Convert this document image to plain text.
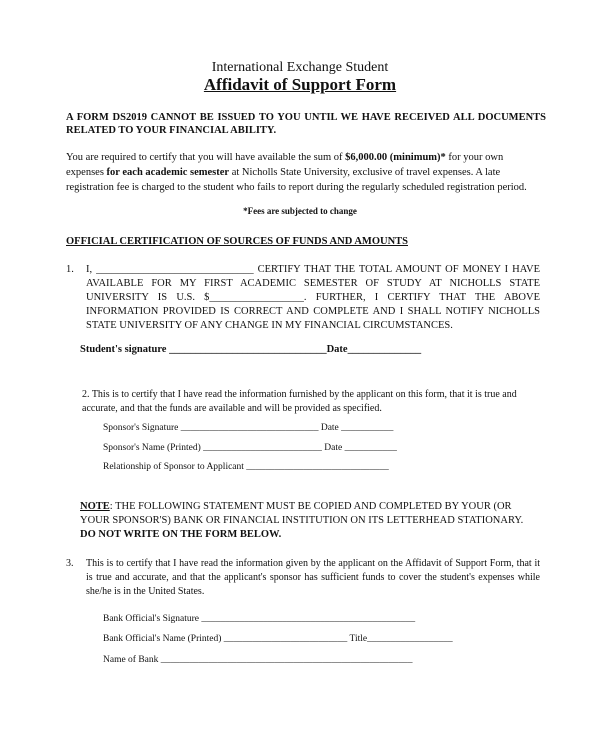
International Exchange Student
Affidavit of Support Form
A FORM DS2019 CANNOT BE ISSUED TO YOU UNTIL WE HAVE RECEIVED ALL DOCUMENTS RELATED TO YOUR FINANCIAL ABILITY.
You are required to certify that you will have available the sum of $6,000.00 (minimum)* for your own expenses for each academic semester at Nicholls State University, exclusive of travel expenses. A late registration fee is charged to the student who fails to report during the regularly scheduled registration period.
*Fees are subjected to change
OFFICIAL CERTIFICATION OF SOURCES OF FUNDS AND AMOUNTS
1. I, ______________________________ CERTIFY THAT THE TOTAL AMOUNT OF MONEY I HAVE AVAILABLE FOR MY FIRST ACADEMIC SEMESTER OF STUDY AT NICHOLLS STATE UNIVERSITY IS U.S. $__________________. FURTHER, I CERTIFY THAT THE ABOVE INFORMATION PROVIDED IS CORRECT AND COMPLETE AND I SHALL NOTIFY NICHOLLS STATE UNIVERSITY OF ANY CHANGE IN MY FINANCIAL CIRCUMSTANCES.
Student's signature ______________________________Date______________
2. This is to certify that I have read the information furnished by the applicant on this form, that it is true and accurate, and that the funds are available and will be provided as specified.
Sponsor's Signature _____________________________ Date ___________
Sponsor's Name (Printed) _________________________ Date ___________
Relationship of Sponsor to Applicant ______________________________
NOTE: THE FOLLOWING STATEMENT MUST BE COPIED AND COMPLETED BY YOUR (OR YOUR SPONSOR'S) BANK OR FINANCIAL INSTITUTION ON ITS LETTERHEAD STATIONARY. DO NOT WRITE ON THE FORM BELOW.
3. This is to certify that I have read the information given by the applicant on the Affidavit of Support Form, that it is true and accurate, and that the applicant's sponsor has sufficient funds to cover the student's expenses while she/he is in the United States.
Bank Official's Signature _____________________________________________
Bank Official's Name (Printed) __________________________ Title__________________
Name of Bank _____________________________________________________
